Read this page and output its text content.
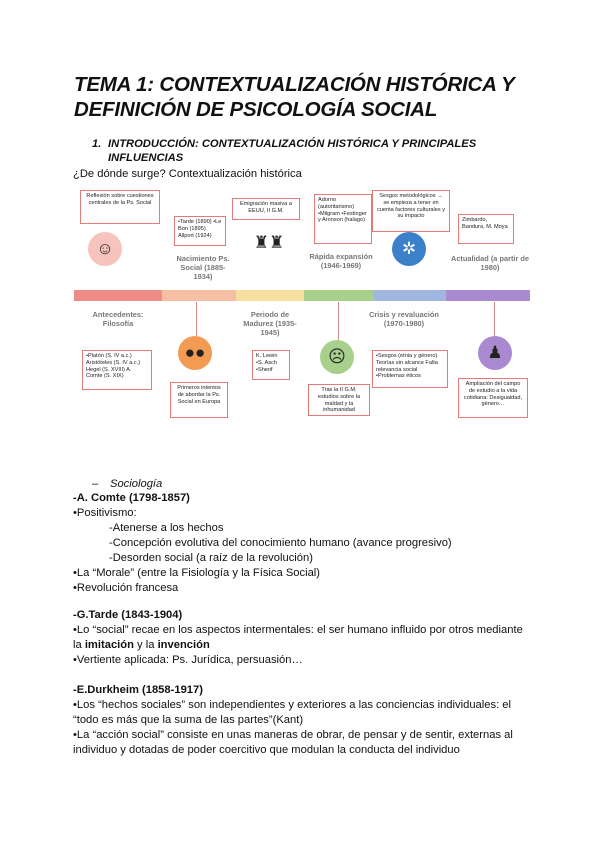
TEMA 1: CONTEXTUALIZACIÓN HISTÓRICA Y DEFINICIÓN DE PSICOLOGÍA SOCIAL
1. INTRODUCCIÓN: CONTEXTUALIZACIÓN HISTÓRICA Y PRINCIPALES INFLUENCIAS
¿De dónde surge? Contextualización histórica
Reflexión sobre cuestiones centrales de la Ps. Social
•Tarde (1890) •Le Bon (1895) Allport (1924)
Emigración masiva a EEUU, II G.M.
Adorno (autoritarismo) •Milgram •Festinger y Aronson (halago)
Sesgos metodológicos → se empieza a tener en cuenta factores culturales y su impacto
Zimbardo, Bandura, M. Moya
☺	♜♜	✲
Nacimiento Ps. Social (1885-1934)
Rápida expansión (1946-1969)
Actualidad (a partir de 1980)
Antecedentes: Filosofía
Periodo de Madurez (1935-1945)
Crisis y revaluación (1970-1980)
●●	☹	♟
•Platón (S. IV a.c.) Aristóteles (S. IV a.c.) Hegel (S. XVIII) A. Comte (S. XIX)
Primeros intentos de abordar la Ps. Social en Europa
K. Lewin •S. Asch •Sherif
Tras la II G.M. estudios sobre la maldad y la inhumanidad
•Sesgos (etnia y género) Teorías sin alcance Falta relevancia social •Problemas éticos
Ampliación del campo de estudio a la vida cotidiana: Desigualdad, género…
– Sociología
-A. Comte (1798-1857)
•Positivismo:
-Atenerse a los hechos
-Concepción evolutiva del conocimiento humano (avance progresivo)
-Desorden social (a raíz de la revolución)
•La “Morale” (entre la Fisiología y la Física Social)
•Revolución francesa
-G.Tarde (1843-1904)
•Lo “social” recae en los aspectos intermentales: el ser humano influido por otros mediante
la imitación y la invención
•Vertiente aplicada: Ps. Jurídica, persuasión…
-E.Durkheim (1858-1917)
•Los “hechos sociales” son independientes y exteriores a las conciencias individuales: el “todo es más que la suma de las partes”(Kant)
•La “acción social” consiste en unas maneras de obrar, de pensar y de sentir, externas al individuo y dotadas de poder coercitivo que modulan la conducta del individuo
